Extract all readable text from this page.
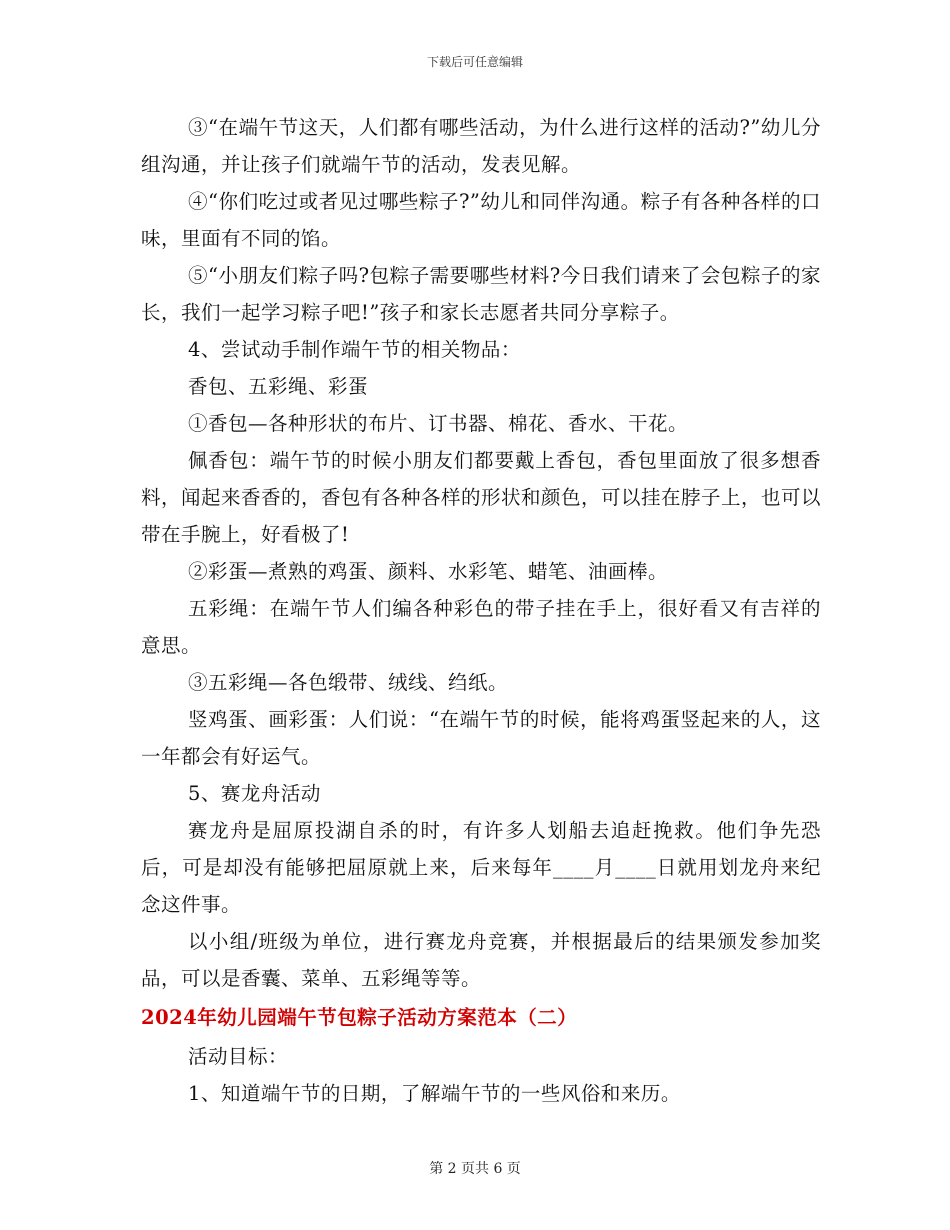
下载后可任意编辑

③“在端午节这天，人们都有哪些活动，为什么进行这样的活动?”幼儿分组沟通，并让孩子们就端午节的活动，发表见解。

④“你们吃过或者见过哪些粽子?”幼儿和同伴沟通。粽子有各种各样的口味，里面有不同的馅。

⑤“小朋友们粽子吗?包粽子需要哪些材料?今日我们请来了会包粽子的家长，我们一起学习粽子吧!”孩子和家长志愿者共同分享粽子。

4、尝试动手制作端午节的相关物品：

香包、五彩绳、彩蛋

①香包—各种形状的布片、订书器、棉花、香水、干花。

佩香包：端午节的时候小朋友们都要戴上香包，香包里面放了很多想香料，闻起来香香的，香包有各种各样的形状和颜色，可以挂在脖子上，也可以带在手腕上，好看极了!

②彩蛋—煮熟的鸡蛋、颜料、水彩笔、蜡笔、油画棒。

五彩绳：在端午节人们编各种彩色的带子挂在手上，很好看又有吉祥的意思。

③五彩绳—各色缎带、绒线、绉纸。

竖鸡蛋、画彩蛋：人们说：“在端午节的时候，能将鸡蛋竖起来的人，这一年都会有好运气。

5、赛龙舟活动

赛龙舟是屈原投湖自杀的时，有许多人划船去追赶挽救。他们争先恐后，可是却没有能够把屈原就上来，后来每年____月____日就用划龙舟来纪念这件事。

以小组/班级为单位，进行赛龙舟竞赛，并根据最后的结果颁发参加奖品，可以是香囊、菜单、五彩绳等等。

2024年幼儿园端午节包粽子活动方案范本（二）

活动目标：

1、知道端午节的日期，了解端午节的一些风俗和来历。

第 2 页共 6 页
